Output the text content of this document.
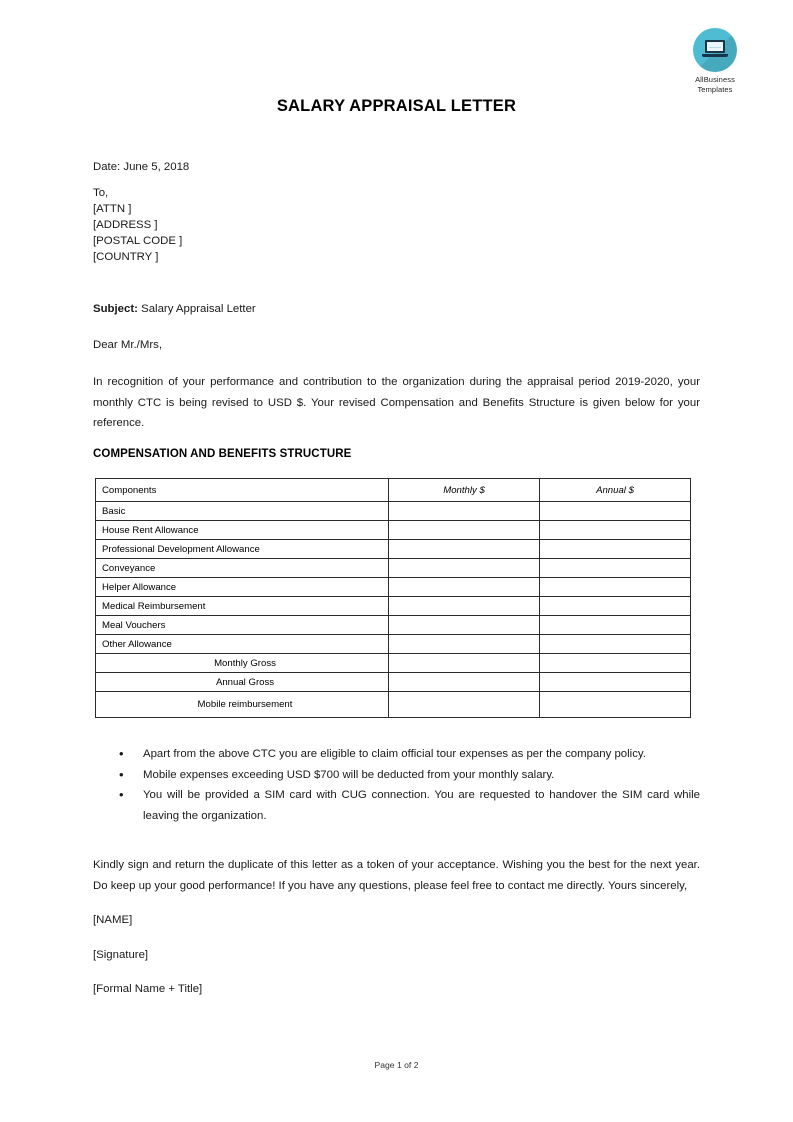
AllBusiness
Templates
SALARY APPRAISAL LETTER
Date: June 5, 2018
To,
[ATTN ]
[ADDRESS ]
[POSTAL CODE ]
[COUNTRY ]
Subject: Salary Appraisal Letter
Dear Mr./Mrs,

In recognition of your performance and contribution to the organization during the appraisal period 2019-2020, your monthly CTC is being revised to USD $. Your revised Compensation and Benefits Structure is given below for your reference.

COMPENSATION AND BENEFITS STRUCTURE
Components	Monthly $	Annual $
Basic		
House Rent Allowance		
Professional Development Allowance		
Conveyance		
Helper Allowance		
Medical Reimbursement		
Meal Vouchers		
Other Allowance		
Monthly Gross		
Annual Gross		
Mobile reimbursement		
• Apart from the above CTC you are eligible to claim official tour expenses as per the company policy.
• Mobile expenses exceeding USD $700 will be deducted from your monthly salary.
• You will be provided a SIM card with CUG connection. You are requested to handover the SIM card while leaving the organization.

Kindly sign and return the duplicate of this letter as a token of your acceptance. Wishing you the best for the next year. Do keep up your good performance! If you have any questions, please feel free to contact me directly. Yours sincerely,

[NAME]
[Signature]
[Formal Name + Title]
Page 1 of 2
